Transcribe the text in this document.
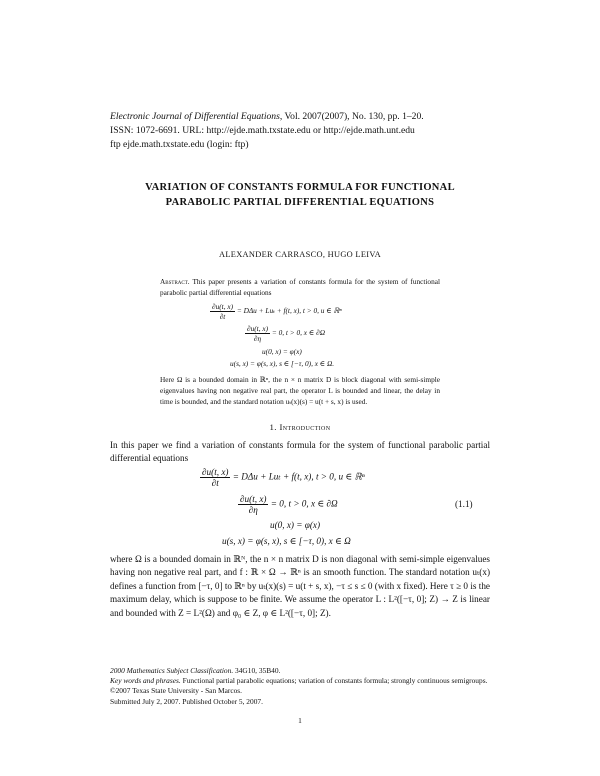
Electronic Journal of Differential Equations, Vol. 2007(2007), No. 130, pp. 1–20.
ISSN: 1072-6691. URL: http://ejde.math.txstate.edu or http://ejde.math.unt.edu
ftp ejde.math.txstate.edu (login: ftp)
VARIATION OF CONSTANTS FORMULA FOR FUNCTIONAL
PARABOLIC PARTIAL DIFFERENTIAL EQUATIONS
ALEXANDER CARRASCO, HUGO LEIVA
Abstract. This paper presents a variation of constants formula for the system of functional parabolic partial differential equations
$\frac{\partial u(t, x)}{\partial t} = D\Delta u + Lu_t + f(t$, x), t > 0, u ∈ ℝⁿ
$\frac{\partial u(t, x)}{\partial\eta} = 0$, t > 0, x ∈ ∂Ω
u(0, x) = φ(x)
u(s, x) = φ(s, x), s ∈ [−τ, 0), x ∈ Ω.
Here Ω is a bounded domain in ℝⁿ, the n × n matrix D is block diagonal with semi-simple eigenvalues having non negative real part, the operator L is bounded and linear, the delay in time is bounded, and the standard notation uₜ(x)(s) = u(t + s, x) is used.
1. Introduction
In this paper we find a variation of constants formula for the system of functional parabolic partial differential equations
$\frac{\partial u(t, x)}{\partial t} = D\Delta u + Lu_t + f(t$, x), t > 0, u ∈ ℝⁿ
$\frac{\partial u(t, x)}{\partial\eta} = 0$, t > 0, x ∈ ∂Ω	(1.1)
u(0, x) = φ(x)
u(s, x) = φ(s, x), s ∈ [−τ, 0), x ∈ Ω
where Ω is a bounded domain in ℝᴺ, the n × n matrix D is non diagonal with semi-simple eigenvalues having non negative real part, and f : ℝ × Ω → ℝⁿ is an smooth function. The standard notation uₜ(x) defines a function from [−τ, 0] to ℝⁿ by uₜ(x)(s) = u(t + s, x), −τ ≤ s ≤ 0 (with x fixed). Here τ ≥ 0 is the maximum delay, which is suppose to be finite. We assume the operator L : L²([−τ, 0]; Z) → Z is linear and bounded with Z = L²(Ω) and φ₀ ∈ Z, φ ∈ L²([−τ, 0]; Z).
2000 Mathematics Subject Classification. 34G10, 35B40.
Key words and phrases. Functional partial parabolic equations; variation of constants formula; strongly continuous semigroups.
©2007 Texas State University - San Marcos.
Submitted July 2, 2007. Published October 5, 2007.
1
